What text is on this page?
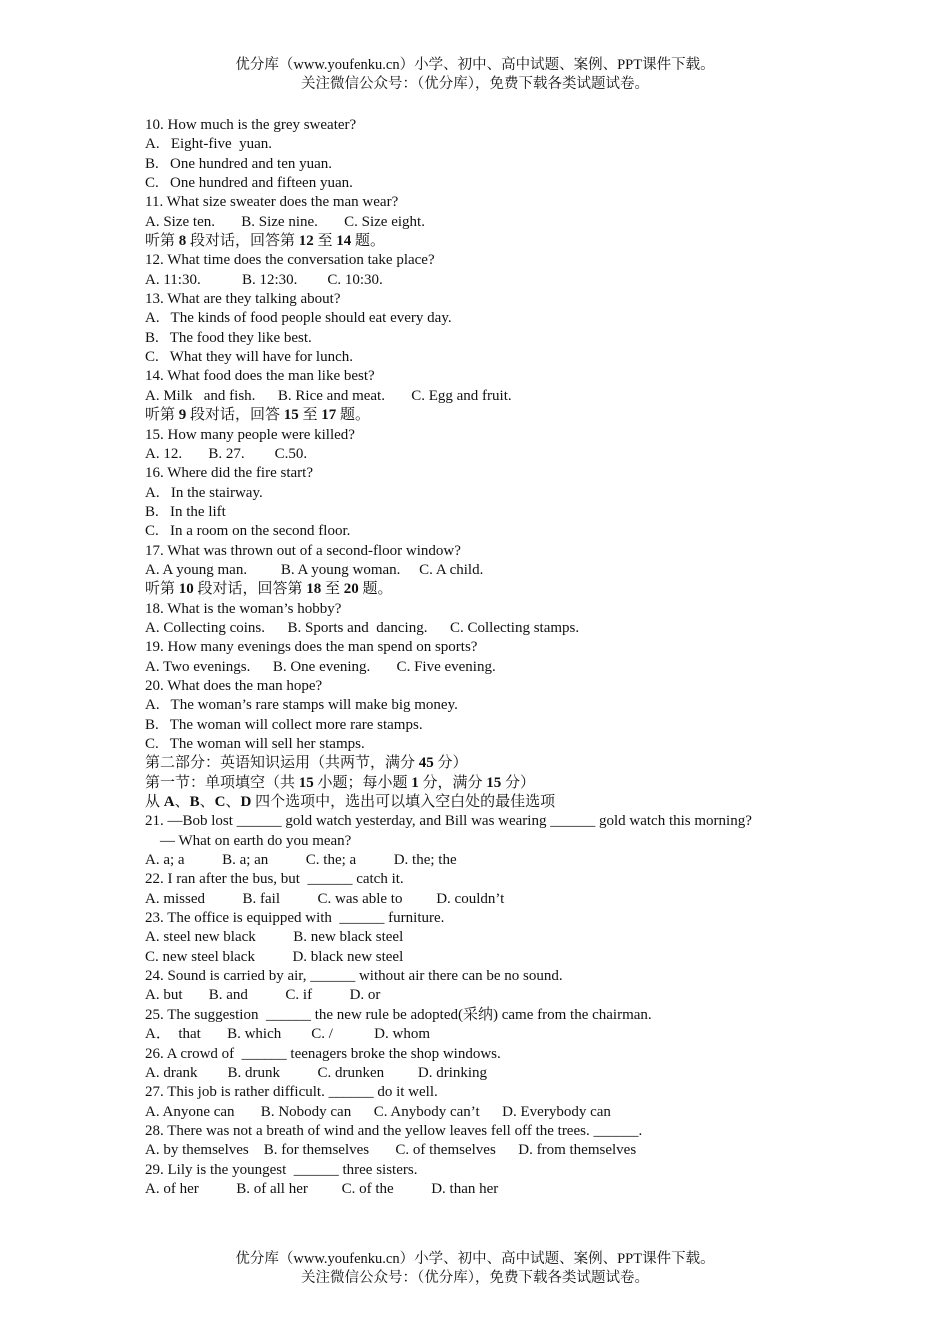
优分库（www.youfenku.cn）小学、初中、高中试题、案例、PPT课件下载。
关注微信公众号：（优分库），免费下载各类试题试卷。
10. How much is the grey sweater?
A.   Eight-five  yuan.
B.   One hundred and ten yuan.
C.   One hundred and fifteen yuan.
11. What size sweater does the man wear?
A. Size ten.       B. Size nine.       C. Size eight.
听第 8 段对话，回答第 12 至 14 题。
12. What time does the conversation take place?
A. 11:30.           B. 12:30.        C. 10:30.
13. What are they talking about?
A.   The kinds of food people should eat every day.
B.   The food they like best.
C.   What they will have for lunch.
14. What food does the man like best?
A. Milk   and fish.      B. Rice and meat.       C. Egg and fruit.
听第 9 段对话，回答 15 至 17 题。
15. How many people were killed?
A. 12.       B. 27.        C.50.
16. Where did the fire start?
A.   In the stairway.
B.   In the lift
C.   In a room on the second floor.
17. What was thrown out of a second-floor window?
A. A young man.         B. A young woman.     C. A child.
听第 10 段对话，回答第 18 至 20 题。
18. What is the woman’s hobby?
A. Collecting coins.      B. Sports and  dancing.      C. Collecting stamps.
19. How many evenings does the man spend on sports?
A. Two evenings.      B. One evening.       C. Five evening.
20. What does the man hope?
A.   The woman’s rare stamps will make big money.
B.   The woman will collect more rare stamps.
C.   The woman will sell her stamps.
第二部分：英语知识运用（共两节，满分 45 分）
第一节：单项填空（共 15 小题；每小题 1 分，满分 15 分）
从 A、B、C、D 四个选项中，选出可以填入空白处的最佳选项
21. —Bob lost ______ gold watch yesterday, and Bill was wearing ______ gold watch this morning?
— What on earth do you mean?
A. a; a          B. a; an          C. the; a          D. the; the
22. I ran after the bus, but  ______ catch it.
A. missed          B. fail          C. was able to         D. couldn’t
23. The office is equipped with  ______ furniture.
A. steel new black          B. new black steel
C. new steel black          D. black new steel
24. Sound is carried by air, ______ without air there can be no sound.
A. but       B. and          C. if          D. or
25. The suggestion  ______ the new rule be adopted(采纳) came from the chairman.
A．  that       B. which        C. /           D. whom
26. A crowd of  ______ teenagers broke the shop windows.
A. drank        B. drunk          C. drunken         D. drinking
27. This job is rather difficult. ______ do it well.
A. Anyone can       B. Nobody can      C. Anybody can’t      D. Everybody can
28. There was not a breath of wind and the yellow leaves fell off the trees. ______.
A. by themselves    B. for themselves       C. of themselves      D. from themselves
29. Lily is the youngest  ______ three sisters.
A. of her          B. of all her         C. of the          D. than her
优分库（www.youfenku.cn）小学、初中、高中试题、案例、PPT课件下载。
关注微信公众号：（优分库），免费下载各类试题试卷。
